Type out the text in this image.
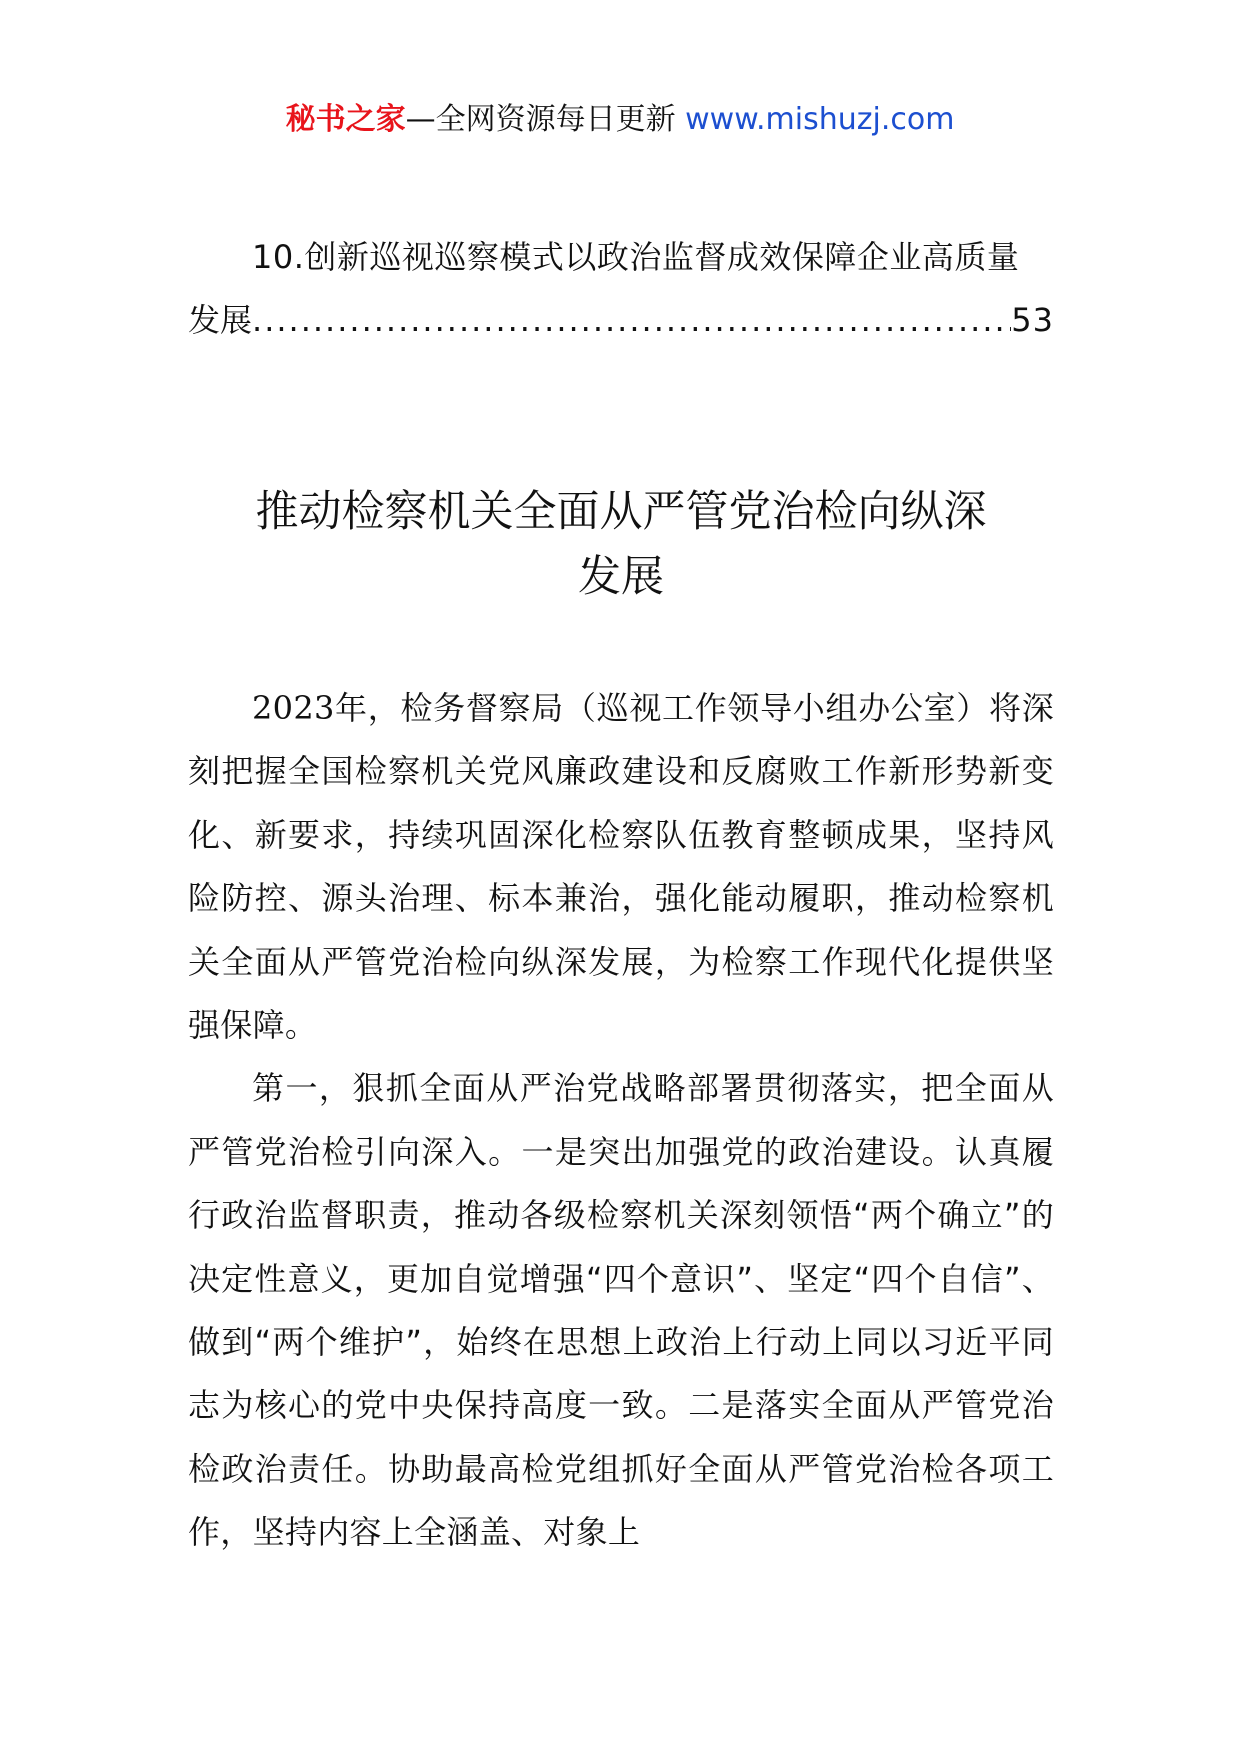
秘书之家—全网资源每日更新 www.mishuzj.com
10.创新巡视巡察模式以政治监督成效保障企业高质量
发展
.....	53
推动检察机关全面从严管党治检向纵深
发展

2023年，检务督察局（巡视工作领导小组办公室）将深刻把握全国检察机关党风廉政建设和反腐败工作新形势新变化、新要求，持续巩固深化检察队伍教育整顿成果，坚持风险防控、源头治理、标本兼治，强化能动履职，推动检察机关全面从严管党治检向纵深发展，为检察工作现代化提供坚强保障。

第一，狠抓全面从严治党战略部署贯彻落实，把全面从严管党治检引向深入。一是突出加强党的政治建设。认真履行政治监督职责，推动各级检察机关深刻领悟“两个确立”的决定性意义，更加自觉增强“四个意识”、坚定“四个自信”、做到“两个维护”，始终在思想上政治上行动上同以习近平同志为核心的党中央保持高度一致。二是落实全面从严管党治检政治责任。协助最高检党组抓好全面从严管党治检各项工作，坚持内容上全涵盖、对象上
